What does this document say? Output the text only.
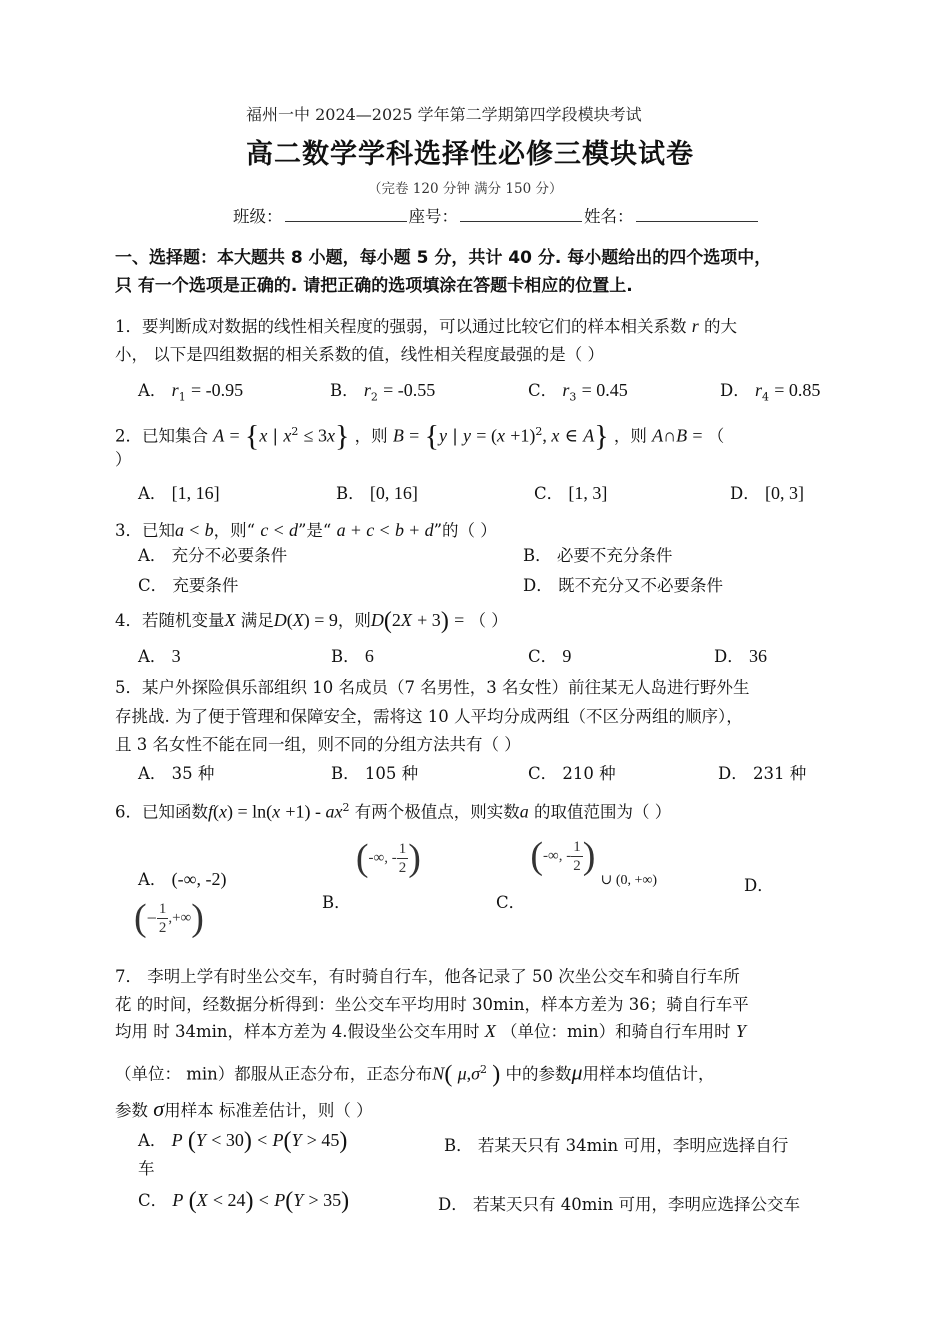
福州一中 2024—2025 学年第二学期第四学段模块考试
高二数学学科选择性必修三模块试卷
（完卷 120 分钟 满分 150 分）
班级：	座号：	姓名：
一、选择题：本大题共 8 小题，每小题 5 分，共计 40 分. 每小题给出的四个选项中，
只 有一个选项是正确的. 请把正确的选项填涂在答题卡相应的位置上.
1．要判断成对数据的线性相关程度的强弱，可以通过比较它们的样本相关系数 r 的大
小， 以下是四组数据的相关系数的值，线性相关程度最强的是（ ）
A． $r_1 = -0.95$	B． $r_2 = -0.55$	C． $r_3 = 0.45$	D． $r_4 = 0.85$
2．已知集合 A = {x | $x^2 \le 3x$} ，则 B = {y | $y = (x +1)^2$, x ∈ A} ，则 A∩B = （
）
A． [1, 16]	B． [0, 16]	C． [1, 3]	D． [0, 3]
3．已知a < b，则“ c < d”是“ a + c < b + d”的（ ）
A． 充分不必要条件	B． 必要不充分条件
C． 充要条件	D． 既不充分又不必要条件
4．若随机变量X 满足D(X) = 9，则D(2X + 3) = （ ）
A． 3	B． 6	C． 9	D． 36
5．某户外探险俱乐部组织 10 名成员（7 名男性，3 名女性）前往某无人岛进行野外生
存挑战. 为了便于管理和保障安全，需将这 10 人平均分成两组（不区分两组的顺序），
且 3 名女性不能在同一组，则不同的分组方法共有（ ）
A． 35 种	B． 105 种	C． 210 种	D． 231 种
6．已知函数$f(x) = \ln(x +1) - ax^2$ 有两个极值点，则实数a 的取值范围为（ ）
A． (-∞, -2)
B．
( -∞, - $\frac{1}{2}$ )
C．
( -∞, - $\frac{1}{2}$ )
$_{\cup (0, +\infty)}$	D．
( − $\frac{1}{2}$ , +∞ )
7． 李明上学有时坐公交车，有时骑自行车，他各记录了 50 次坐公交车和骑自行车所
花 的时间，经数据分析得到：坐公交车平均用时 30min，样本方差为 36；骑自行车平
均用 时 34min，样本方差为 4.假设坐公交车用时 X （单位：min）和骑自行车用时 Y
（单位： min）都服从正态分布，正态分布N( $\mu,\sigma^2$ ) 中的参数μ用样本均值估计，
参数 σ用样本 标准差估计，则（ ）
A． P (Y < 30) < P(Y > 45)	B． 若某天只有 34min 可用，李明应选择自行
车
C． P (X < 24) < P(Y > 35)	D． 若某天只有 40min 可用，李明应选择公交车
